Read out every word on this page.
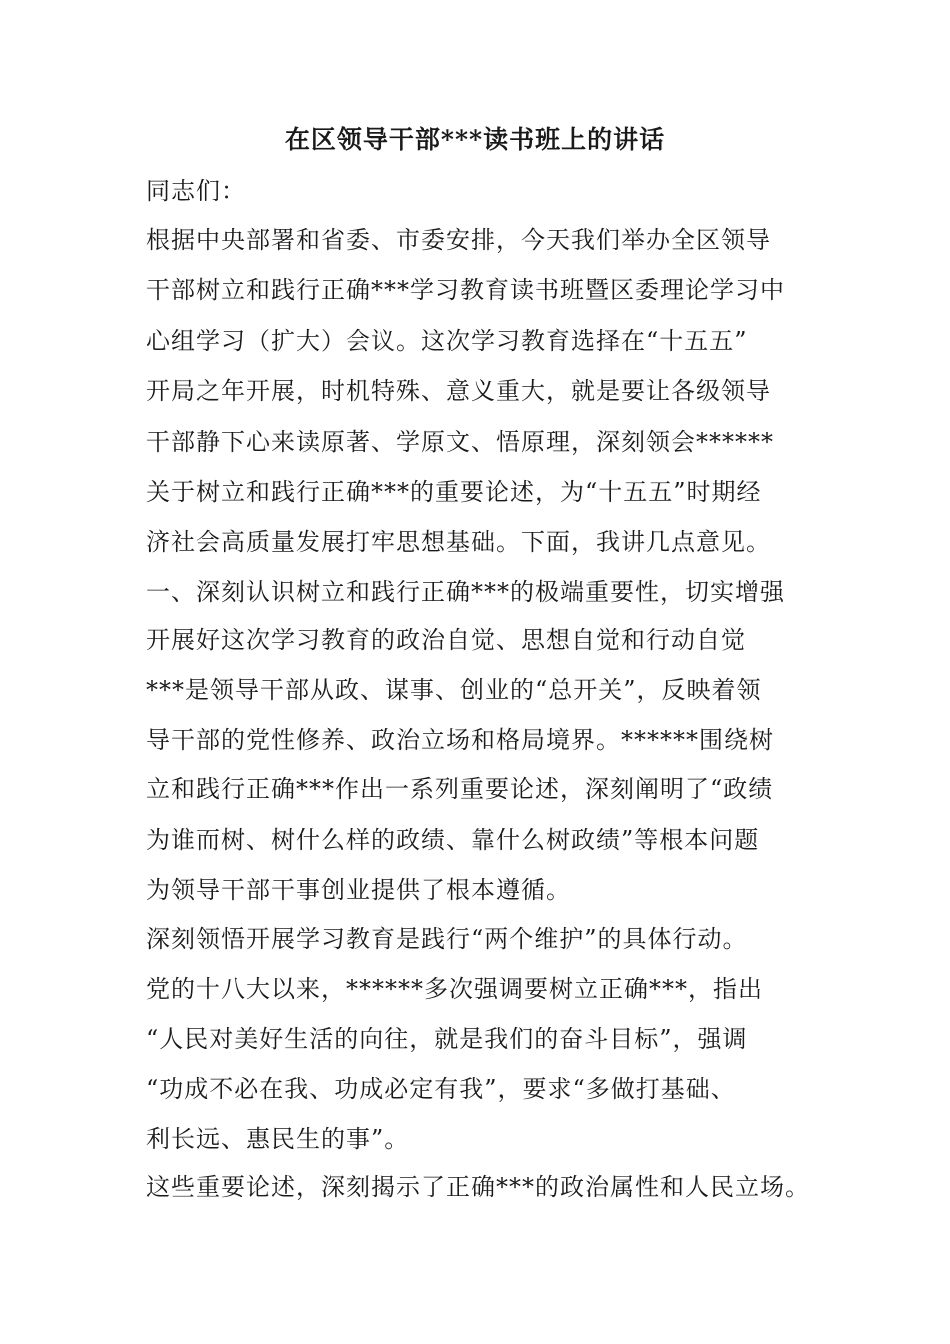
在区领导干部***读书班上的讲话
同志们：
根据中央部署和省委、市委安排，今天我们举办全区领导
干部树立和践行正确***学习教育读书班暨区委理论学习中
心组学习（扩大）会议。这次学习教育选择在“十五五”
开局之年开展，时机特殊、意义重大，就是要让各级领导
干部静下心来读原著、学原文、悟原理，深刻领会******
关于树立和践行正确***的重要论述，为“十五五”时期经
济社会高质量发展打牢思想基础。下面，我讲几点意见。
一、深刻认识树立和践行正确***的极端重要性，切实增强
开展好这次学习教育的政治自觉、思想自觉和行动自觉
***是领导干部从政、谋事、创业的“总开关”，反映着领
导干部的党性修养、政治立场和格局境界。******围绕树
立和践行正确***作出一系列重要论述，深刻阐明了“政绩
为谁而树、树什么样的政绩、靠什么树政绩”等根本问题
为领导干部干事创业提供了根本遵循。
深刻领悟开展学习教育是践行“两个维护”的具体行动。
党的十八大以来，******多次强调要树立正确***，指出
“人民对美好生活的向往，就是我们的奋斗目标”，强调
“功成不必在我、功成必定有我”，要求“多做打基础、
利长远、惠民生的事”。
这些重要论述，深刻揭示了正确***的政治属性和人民立场。
